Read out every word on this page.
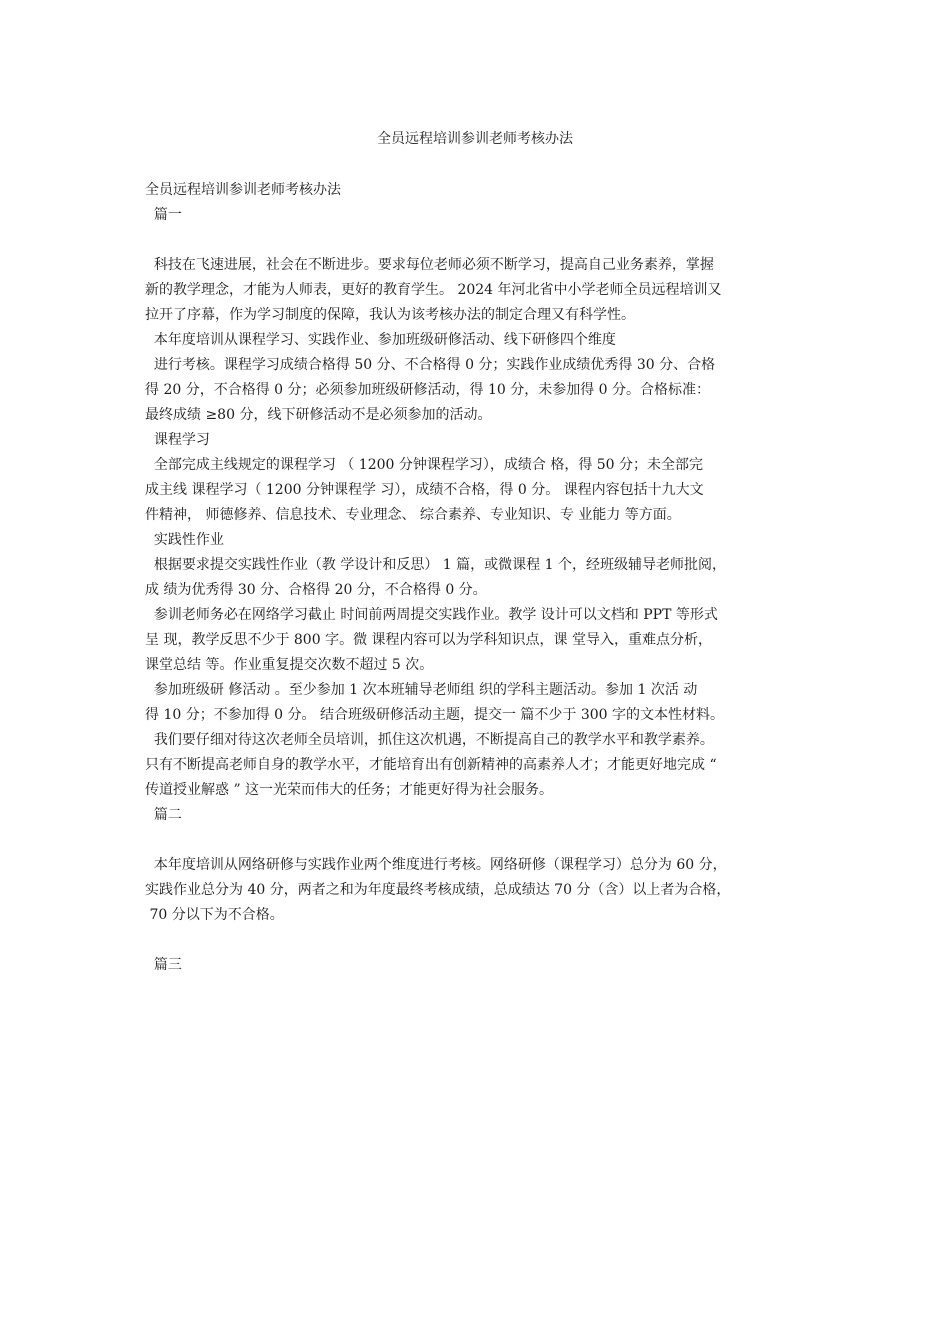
全员远程培训参训老师考核办法
全员远程培训参训老师考核办法
篇一
科技在飞速进展，社会在不断进步。要求每位老师必须不断学习，提高自己业务素养，掌握
新的教学理念，才能为人师表，更好的教育学生。 2024 年河北省中小学老师全员远程培训又
拉开了序幕，作为学习制度的保障，我认为该考核办法的制定合理又有科学性。
本年度培训从课程学习、实践作业、参加班级研修活动、线下研修四个维度
进行考核。课程学习成绩合格得 50 分、不合格得 0 分；实践作业成绩优秀得 30 分、合格
得 20 分，不合格得 0 分；必须参加班级研修活动，得 10 分，未参加得 0 分。合格标准：
最终成绩 ≥80 分，线下研修活动不是必须参加的活动。
课程学习
全部完成主线规定的课程学习 （ 1200 分钟课程学习），成绩合 格，得 50 分；未全部完
成主线 课程学习（ 1200 分钟课程学 习），成绩不合格，得 0 分。 课程内容包括十九大文
件精神， 师德修养、信息技术、专业理念、 综合素养、专业知识、专 业能力 等方面。
实践性作业
根据要求提交实践性作业（教 学设计和反思） 1 篇，或微课程 1 个，经班级辅导老师批阅，
成 绩为优秀得 30 分、合格得 20 分，不合格得 0 分。
参训老师务必在网络学习截止 时间前两周提交实践作业。教学 设计可以文档和 PPT 等形式
呈 现，教学反思不少于 800 字。微 课程内容可以为学科知识点，课 堂导入，重难点分析，
课堂总结 等。作业重复提交次数不超过 5 次。
参加班级研 修活动 。至少参加 1 次本班辅导老师组 织的学科主题活动。参加 1 次活 动
得 10 分；不参加得 0 分。 结合班级研修活动主题，提交一 篇不少于 300 字的文本性材料。
我们要仔细对待这次老师全员培训，抓住这次机遇，不断提高自己的教学水平和教学素养。
只有不断提高老师自身的教学水平，才能培育出有创新精神的高素养人才；才能更好地完成 “
传道授业解惑 ” 这一光荣而伟大的任务；才能更好得为社会服务。
篇二
本年度培训从网络研修与实践作业两个维度进行考核。网络研修（课程学习）总分为 60 分，
实践作业总分为 40 分，两者之和为年度最终考核成绩，总成绩达 70 分（含）以上者为合格，
70 分以下为不合格。
篇三
